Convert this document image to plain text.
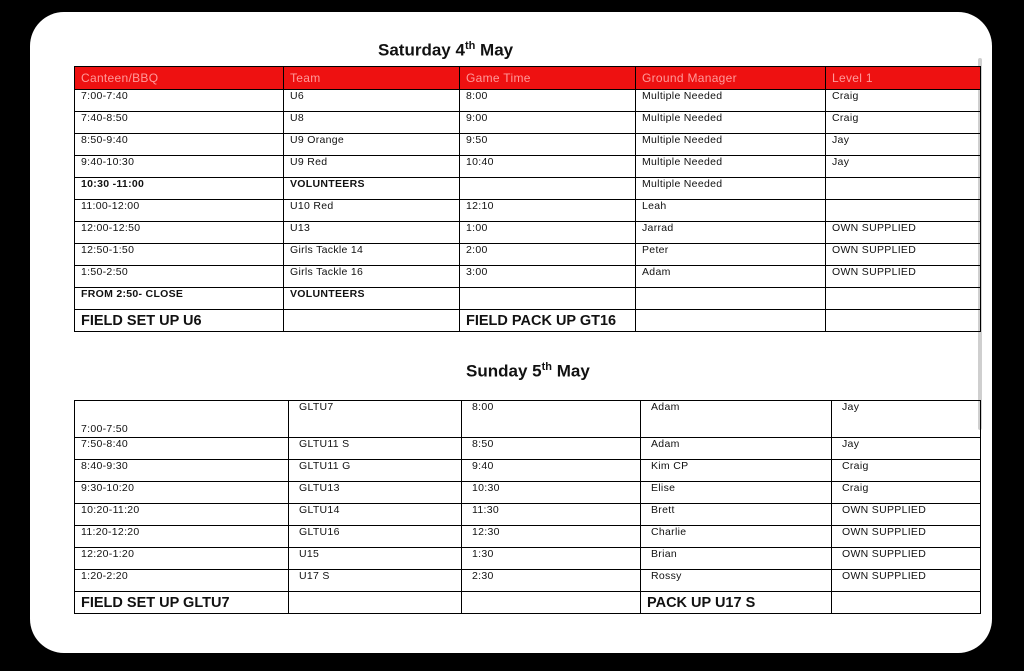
Saturday 4th May
Canteen/BBQ	Team	Game Time	Ground Manager	Level 1
7:00-7:40	U6	8:00	Multiple Needed	Craig
7:40-8:50	U8	9:00	Multiple Needed	Craig
8:50-9:40	U9 Orange	9:50	Multiple Needed	Jay
9:40-10:30	U9 Red	10:40	Multiple Needed	Jay
10:30 -11:00	VOLUNTEERS		Multiple Needed	
11:00-12:00	U10 Red	12:10	Leah	
12:00-12:50	U13	1:00	Jarrad	OWN SUPPLIED
12:50-1:50	Girls Tackle 14	2:00	Peter	OWN SUPPLIED
1:50-2:50	Girls Tackle 16	3:00	Adam	OWN SUPPLIED
FROM 2:50- CLOSE	VOLUNTEERS			
FIELD SET UP U6		FIELD PACK UP GT16		
Sunday 5th May
7:00-7:50	GLTU7	8:00	Adam	Jay
7:50-8:40	GLTU11 S	8:50	Adam	Jay
8:40-9:30	GLTU11 G	9:40	Kim CP	Craig
9:30-10:20	GLTU13	10:30	Elise	Craig
10:20-11:20	GLTU14	11:30	Brett	OWN SUPPLIED
11:20-12:20	GLTU16	12:30	Charlie	OWN SUPPLIED
12:20-1:20	U15	1:30	Brian	OWN SUPPLIED
1:20-2:20	U17 S	2:30	Rossy	OWN SUPPLIED
FIELD SET UP GLTU7			PACK UP U17 S	
